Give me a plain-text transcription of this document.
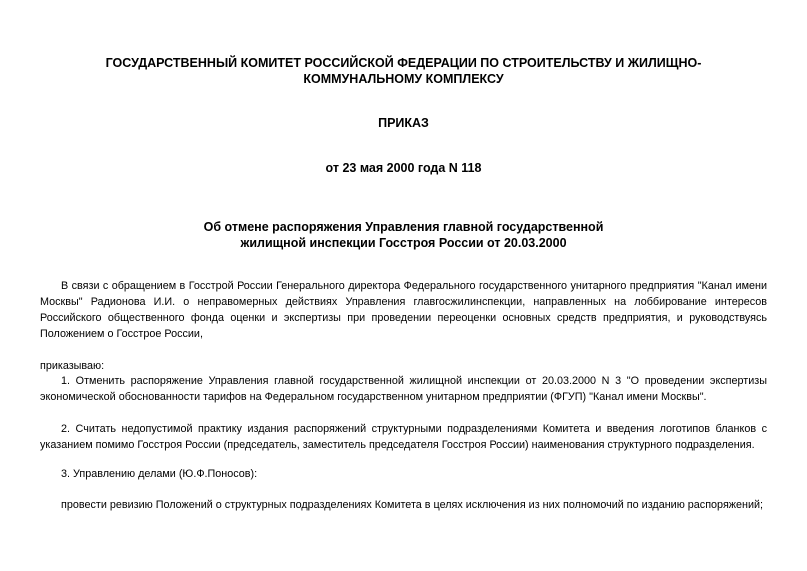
ГОСУДАРСТВЕННЫЙ КОМИТЕТ РОССИЙСКОЙ ФЕДЕРАЦИИ ПО СТРОИТЕЛЬСТВУ И ЖИЛИЩНО-
КОММУНАЛЬНОМУ КОМПЛЕКСУ
ПРИКАЗ
от 23 мая 2000 года N 118
Об отмене распоряжения Управления главной государственной
жилищной инспекции Госстроя России от 20.03.2000

В связи с обращением в Госстрой России Генерального директора Федерального государственного унитарного предприятия "Канал имени Москвы" Радионова И.И. о неправомерных действиях Управления главгосжилинспекции, направленных на лоббирование интересов Российского общественного фонда оценки и экспертизы при проведении переоценки основных средств предприятия, и руководствуясь Положением о Госстрое России,

приказываю:

1. Отменить распоряжение Управления главной государственной жилищной инспекции от 20.03.2000 N 3 "О проведении экспертизы экономической обоснованности тарифов на Федеральном государственном унитарном предприятии (ФГУП) "Канал имени Москвы".

2. Считать недопустимой практику издания распоряжений структурными подразделениями Комитета и введения логотипов бланков с указанием помимо Госстроя России (председатель, заместитель председателя Госстроя России) наименования структурного подразделения.

3. Управлению делами (Ю.Ф.Поносов):

провести ревизию Положений о структурных подразделениях Комитета в целях исключения из них полномочий по изданию распоряжений;
